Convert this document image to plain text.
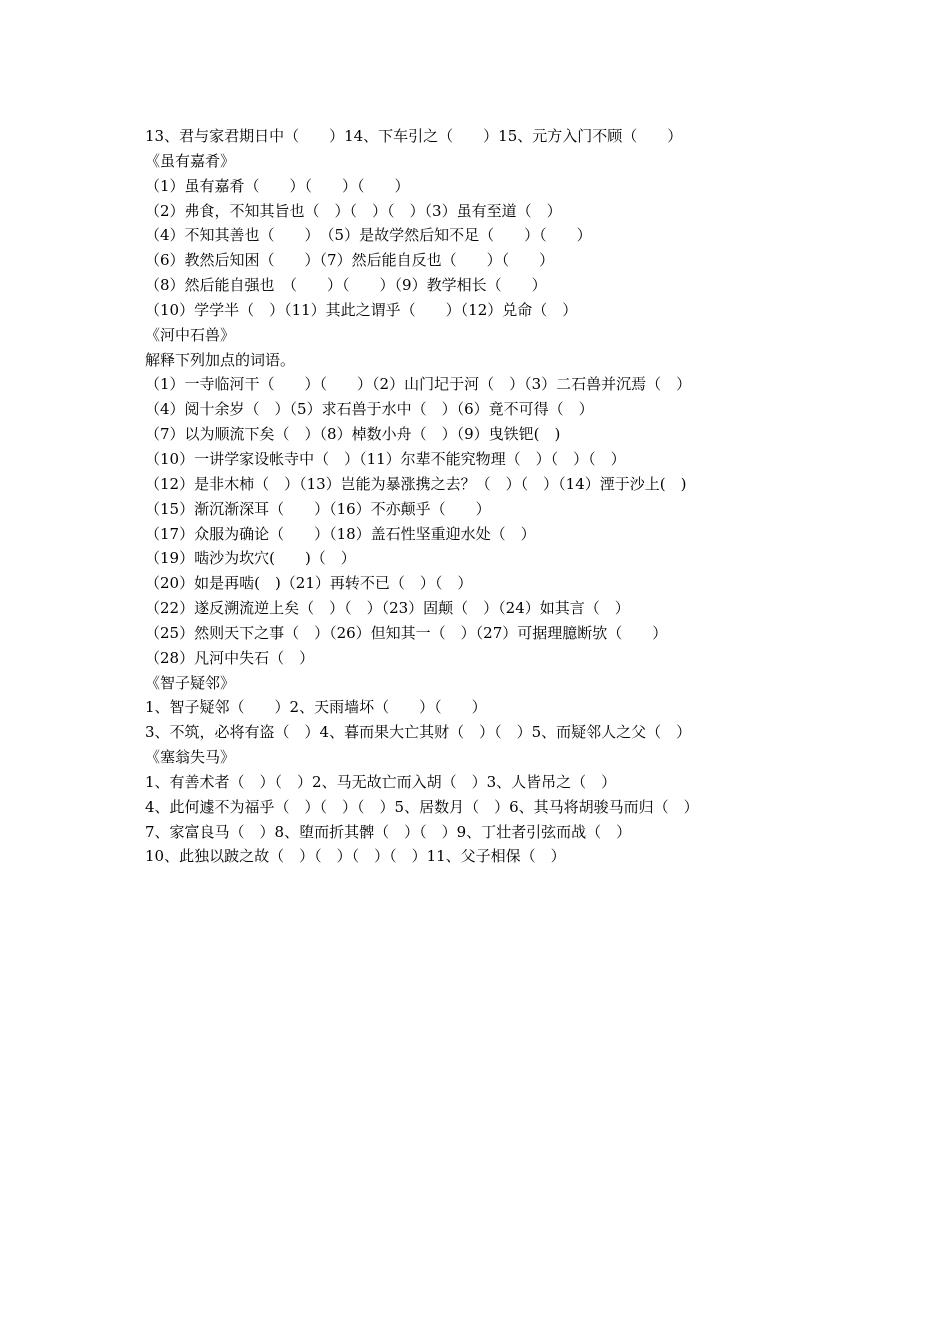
13、君与家君期日中（　　）14、下车引之（　　）15、元方入门不顾（　　）
《虽有嘉肴》
（1）虽有嘉肴（　　）（　　）（　　）
（2）弗食，不知其旨也（　）（　）（　）（3）虽有至道（　）
（4）不知其善也（　　）　（5）是故学然后知不足（　　）（　　）
（6）教然后知困（　　）（7）然后能自反也（　　）（　　）
（8）然后能自强也　（　　）（　　）（9）教学相长（　　）
（10）学学半（　）（11）其此之谓乎（　　）（12）兑命（　）
《河中石兽》
解释下列加点的词语。
（1）一寺临河干（　　）（　　）（2）山门圮于河（　）（3）二石兽并沉焉（　）
（4）阅十余岁（　）（5）求石兽于水中（　）（6）竟不可得（　）
（7）以为顺流下矣（　）（8）棹数小舟（　）（9）曳铁钯(　)
（10）一讲学家设帐寺中（　）（11）尔辈不能究物理（　）（　）（　）
（12）是非木柿（　）（13）岂能为暴涨携之去？（　）（　）（14）湮于沙上(　)
（15）渐沉渐深耳（　　）（16）不亦颠乎（　　）
（17）众服为确论（　　）（18）盖石性坚重迎水处（　）
（19）啮沙为坎穴(　　)（　）
（20）如是再啮(　)（21）再转不已（　）（　）
（22）遂反溯流逆上矣（　）（　）（23）固颠（　）（24）如其言（　）
（25）然则天下之事（　）（26）但知其一（　）（27）可据理臆断欤（　　）
（28）凡河中失石（　）
《智子疑邻》
1、智子疑邻（　　）2、天雨墙坏（　　）（　　）
3、不筑，必将有盗（　）4、暮而果大亡其财（　）（　）5、而疑邻人之父（　）
《塞翁失马》
1、有善术者（　）（　）2、马无故亡而入胡（　）3、人皆吊之（　）
4、此何遽不为福乎（　）（　）（　）5、居数月（　）6、其马将胡骏马而归（　）
7、家富良马（　）8、堕而折其髀（　）（　）9、丁壮者引弦而战（　）
10、此独以跛之故（　）（　）（　）（　）11、父子相保（　）
